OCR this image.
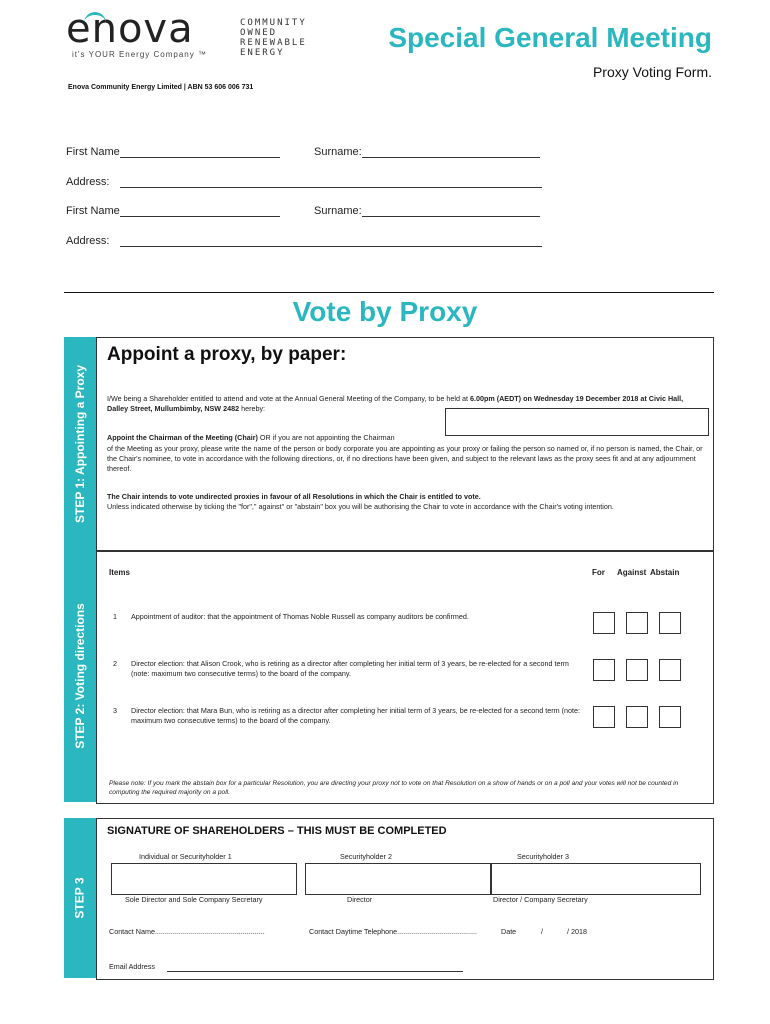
enova
it's YOUR Energy Company ™
COMMUNITY
OWNED
RENEWABLE
ENERGY	Special General Meeting
Proxy Voting Form.
Enova Community Energy Limited | ABN 53 606 006 731
First Name	Surname:
Address:
First Name	Surname:
Address:
Vote by Proxy
STEP 1: Appointing a Proxy
Appoint a proxy, by paper:
I/We being a Shareholder entitled to attend and vote at the Annual General Meeting of the Company, to be held at 6.00pm (AEDT) on Wednesday 19 December 2018 at Civic Hall, Dalley Street, Mullumbimby, NSW 2482 hereby:
Appoint the Chairman of the Meeting (Chair) OR if you are not appointing the Chairman
of the Meeting as your proxy, please write the name of the person or body corporate you are appointing as your proxy or failing the person so named or, if no person is named, the Chair, or the Chair's nominee, to vote in accordance with the following directions, or, if no directions have been given, and subject to the relevant laws as the proxy sees fit and at any adjournment thereof.
The Chair intends to vote undirected proxies in favour of all Resolutions in which the Chair is entitled to vote.
Unless indicated otherwise by ticking the "for"," against" or "abstain" box you will be authorising the Chair to vote in accordance with the Chair's voting intention.
STEP 2: Voting directions
Items	For Against Abstain
1 Appointment of auditor: that the appointment of Thomas Noble Russell as company auditors be confirmed.
2 Director election: that Alison Crook, who is retiring as a director after completing her initial term of 3 years, be re-elected for a second term (note: maximum two consecutive terms) to the board of the company.
3 Director election: that Mara Bun, who is retiring as a director after completing her initial term of 3 years, be re-elected for a second term (note: maximum two consecutive terms) to the board of the company.
Please note: If you mark the abstain box for a particular Resolution, you are directing your proxy not to vote on that Resolution on a show of hands or on a poll and your votes will not be counted in computing the required majority on a poll.
STEP 3
SIGNATURE OF SHAREHOLDERS – THIS MUST BE COMPLETED
Individual or Securityholder 1	Securityholder 2	Securityholder 3
Sole Director and Sole Company Secretary	Director	Director / Company Secretary
Contact Name.......................................................	Contact Daytime Telephone........................................	Date	/	/ 2018
Email Address
